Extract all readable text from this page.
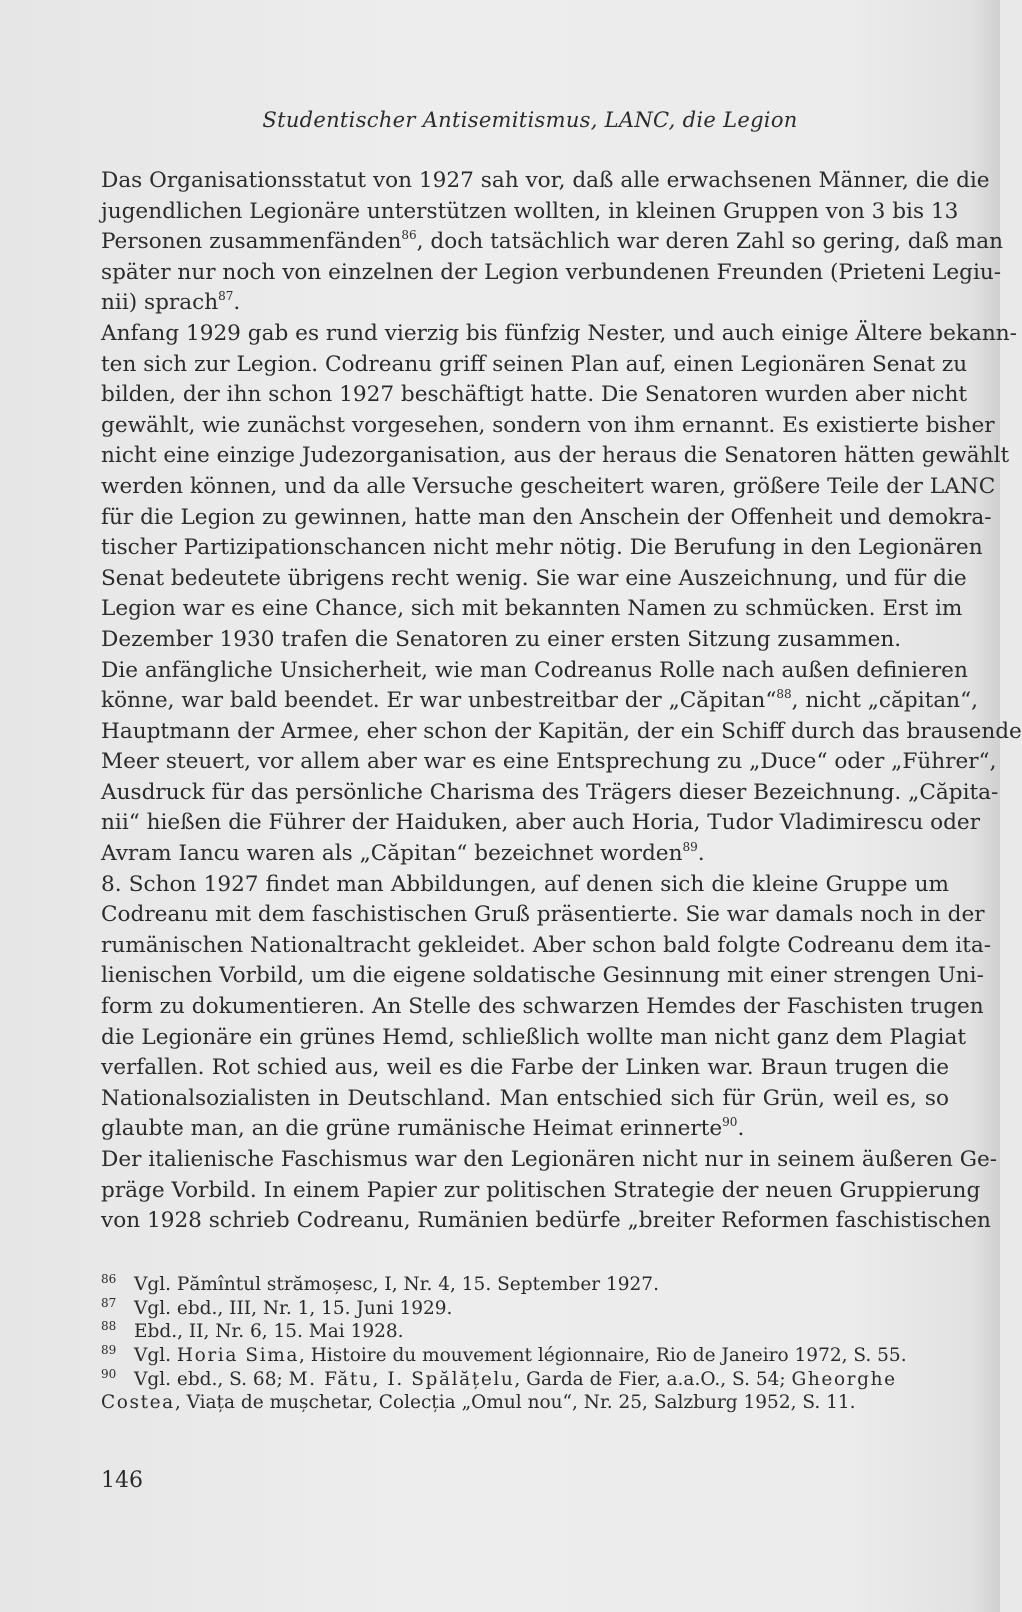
Studentischer Antisemitismus, LANC, die Legion
Das Organisationsstatut von 1927 sah vor, daß alle erwachsenen Männer, die die
jugendlichen Legionäre unterstützen wollten, in kleinen Gruppen von 3 bis 13
Personen zusammenfänden$^{86}$, doch tatsächlich war deren Zahl so gering, daß man
später nur noch von einzelnen der Legion verbundenen Freunden (Prieteni Legiu-
nii) sprach$^{87}$.
Anfang 1929 gab es rund vierzig bis fünfzig Nester, und auch einige Ältere bekann-
ten sich zur Legion. Codreanu griff seinen Plan auf, einen Legionären Senat zu
bilden, der ihn schon 1927 beschäftigt hatte. Die Senatoren wurden aber nicht
gewählt, wie zunächst vorgesehen, sondern von ihm ernannt. Es existierte bisher
nicht eine einzige Judezorganisation, aus der heraus die Senatoren hätten gewählt
werden können, und da alle Versuche gescheitert waren, größere Teile der LANC
für die Legion zu gewinnen, hatte man den Anschein der Offenheit und demokra-
tischer Partizipationschancen nicht mehr nötig. Die Berufung in den Legionären
Senat bedeutete übrigens recht wenig. Sie war eine Auszeichnung, und für die
Legion war es eine Chance, sich mit bekannten Namen zu schmücken. Erst im
Dezember 1930 trafen die Senatoren zu einer ersten Sitzung zusammen.
Die anfängliche Unsicherheit, wie man Codreanus Rolle nach außen definieren
könne, war bald beendet. Er war unbestreitbar der „Căpitan“$^{88}$, nicht „căpitan“,
Hauptmann der Armee, eher schon der Kapitän, der ein Schiff durch das brausende
Meer steuert, vor allem aber war es eine Entsprechung zu „Duce“ oder „Führer“,
Ausdruck für das persönliche Charisma des Trägers dieser Bezeichnung. „Căpita-
nii“ hießen die Führer der Haiduken, aber auch Horia, Tudor Vladimirescu oder
Avram Iancu waren als „Căpitan“ bezeichnet worden$^{89}$.
8. Schon 1927 findet man Abbildungen, auf denen sich die kleine Gruppe um
Codreanu mit dem faschistischen Gruß präsentierte. Sie war damals noch in der
rumänischen Nationaltracht gekleidet. Aber schon bald folgte Codreanu dem ita-
lienischen Vorbild, um die eigene soldatische Gesinnung mit einer strengen Uni-
form zu dokumentieren. An Stelle des schwarzen Hemdes der Faschisten trugen
die Legionäre ein grünes Hemd, schließlich wollte man nicht ganz dem Plagiat
verfallen. Rot schied aus, weil es die Farbe der Linken war. Braun trugen die
Nationalsozialisten in Deutschland. Man entschied sich für Grün, weil es, so
glaubte man, an die grüne rumänische Heimat erinnerte$^{90}$.
Der italienische Faschismus war den Legionären nicht nur in seinem äußeren Ge-
präge Vorbild. In einem Papier zur politischen Strategie der neuen Gruppierung
von 1928 schrieb Codreanu, Rumänien bedürfe „breiter Reformen faschistischen
86 Vgl. Pămîntul strămoșesc, I, Nr. 4, 15. September 1927.
87 Vgl. ebd., III, Nr. 1, 15. Juni 1929.
88 Ebd., II, Nr. 6, 15. Mai 1928.
89 Vgl. Horia Sima, Histoire du mouvement légionnaire, Rio de Janeiro 1972, S. 55.
90 Vgl. ebd., S. 68; M. Fătu, I. Spălățelu, Garda de Fier, a.a.O., S. 54; Gheorghe
Costea, Viața de mușchetar, Colecția „Omul nou“, Nr. 25, Salzburg 1952, S. 11.
146
